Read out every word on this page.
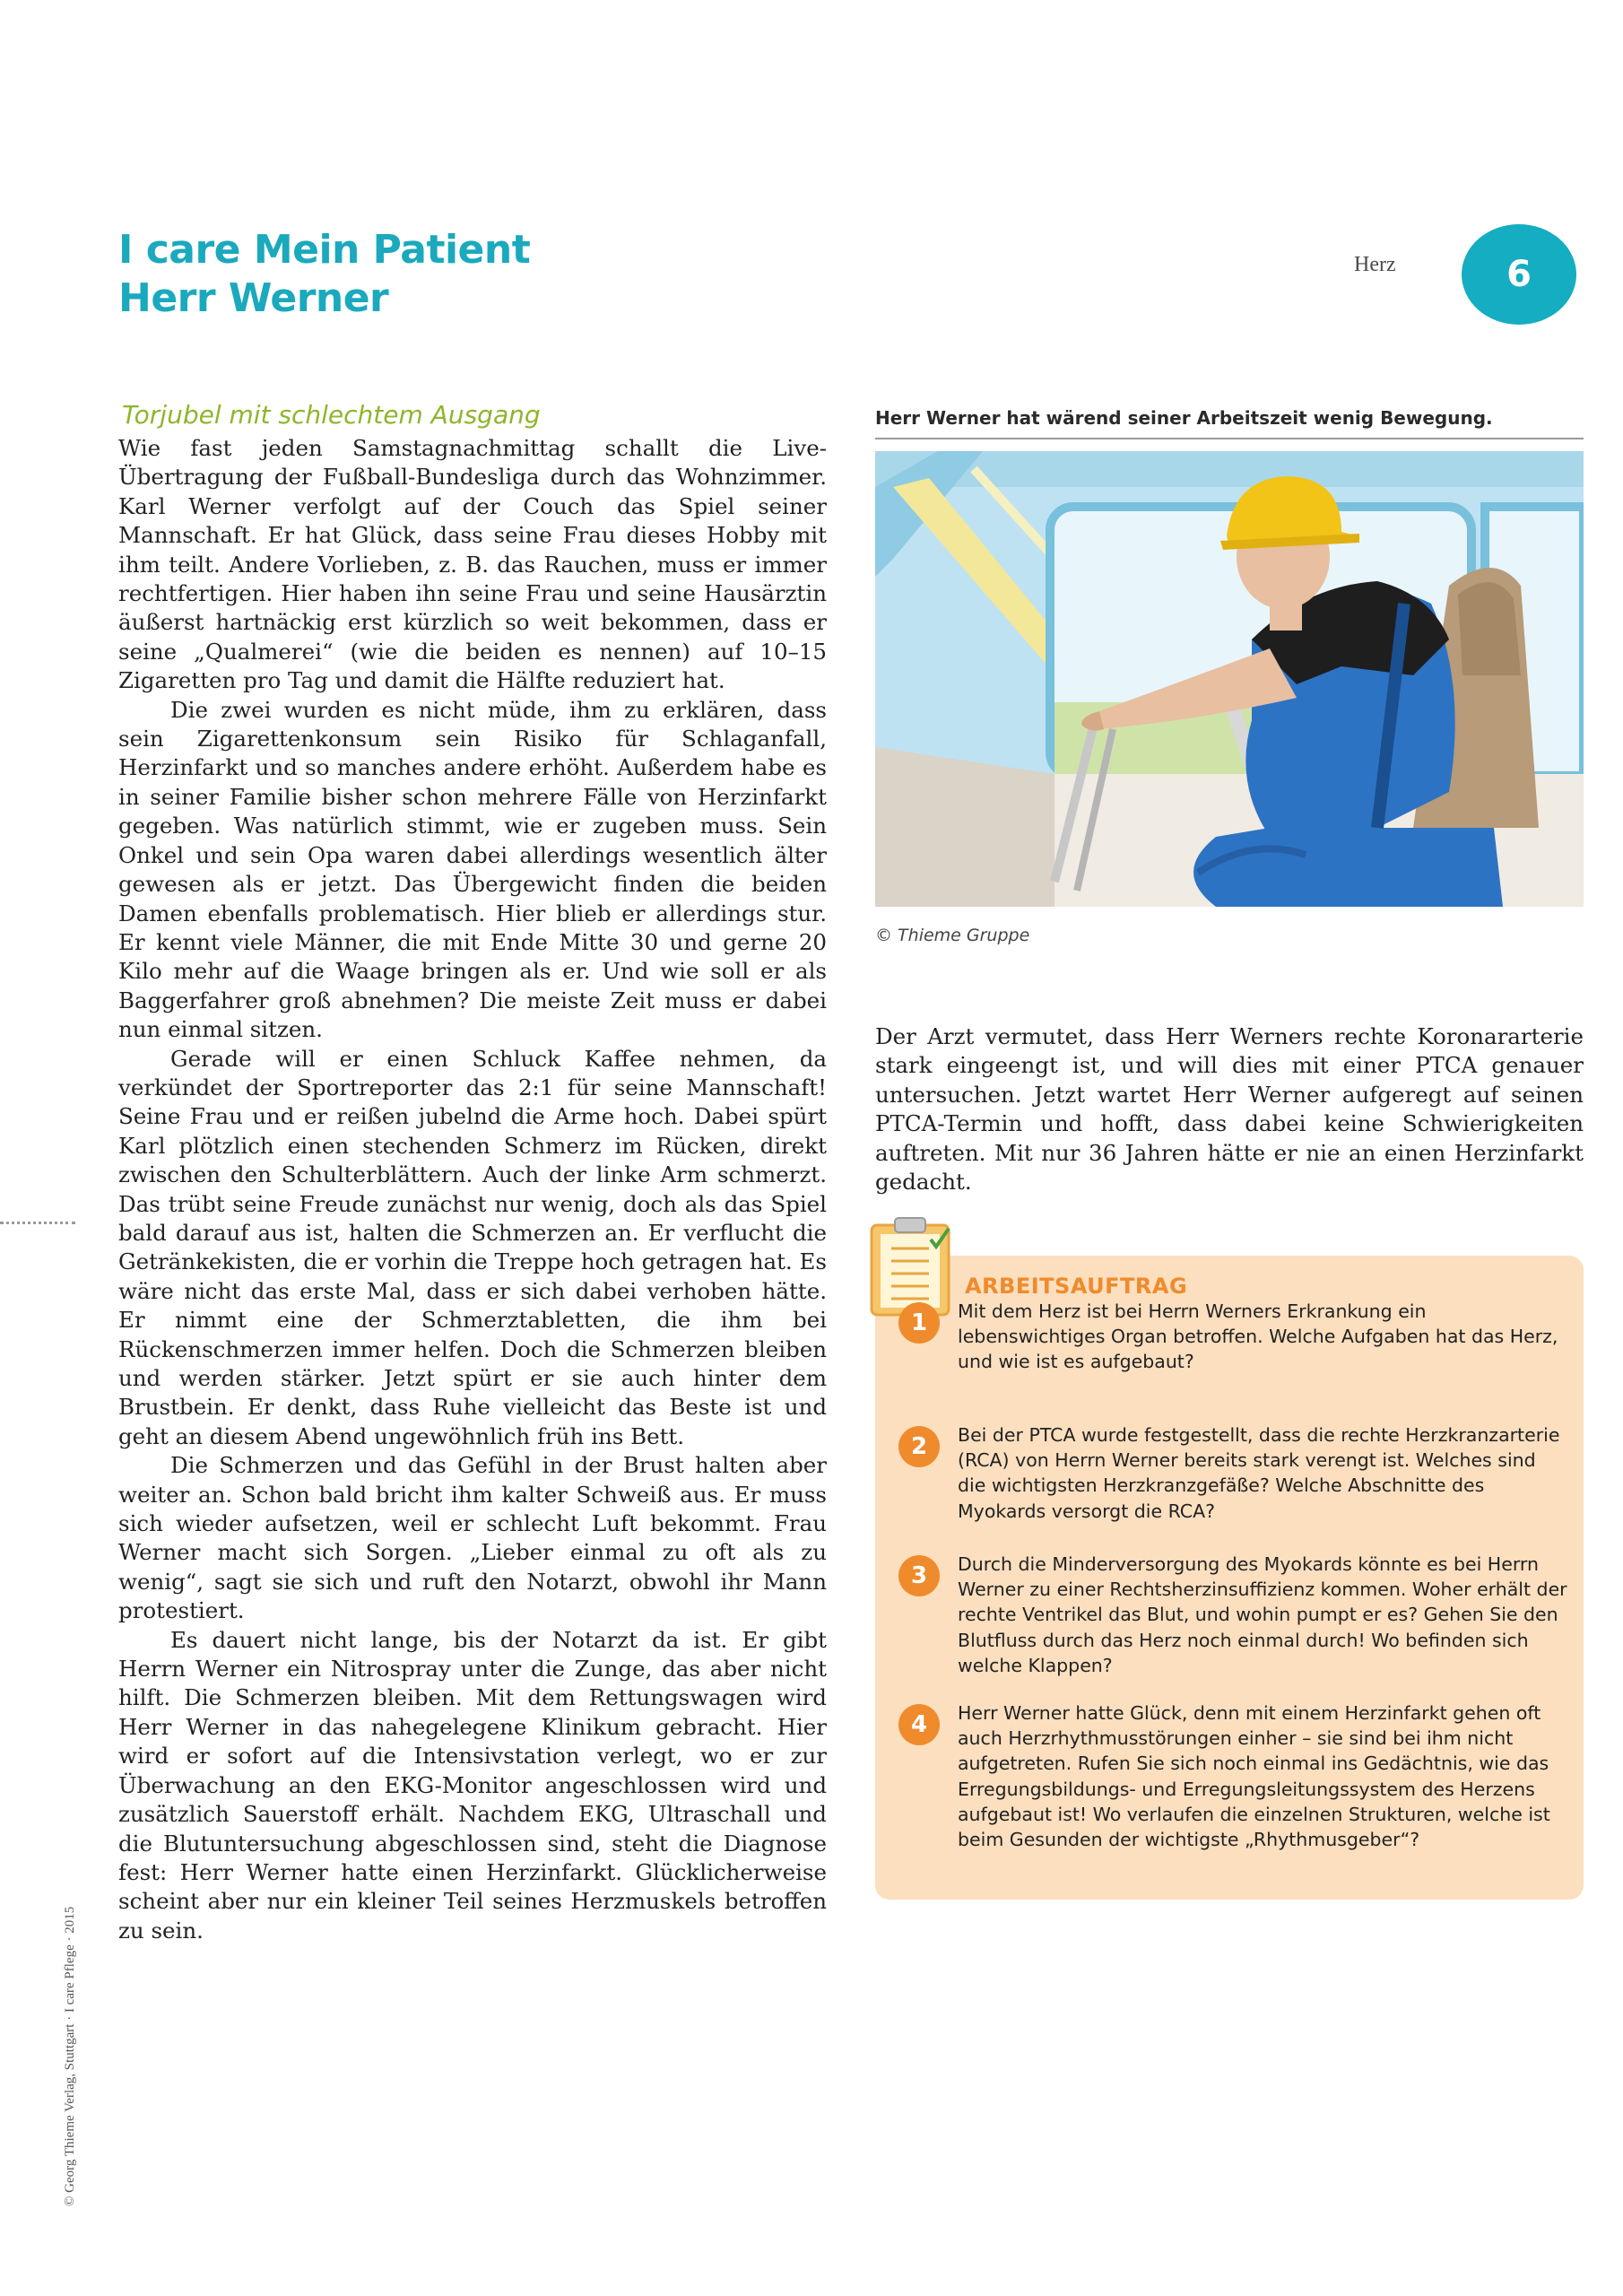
I care Mein Patient
Herr Werner
Herz	6
Torjubel mit schlechtem Ausgang

Wie fast jeden Samstagnachmittag schallt die Live-Übertragung der Fußball-Bundesliga durch das Wohnzimmer. Karl Werner verfolgt auf der Couch das Spiel seiner Mannschaft. Er hat Glück, dass seine Frau dieses Hobby mit ihm teilt. Andere Vorlieben, z. B. das Rauchen, muss er immer rechtfertigen. Hier haben ihn seine Frau und seine Hausärztin äußerst hartnäckig erst kürzlich so weit bekommen, dass er seine „Qualmerei“ (wie die beiden es nennen) auf 10–15 Zigaretten pro Tag und damit die Hälfte reduziert hat.

Die zwei wurden es nicht müde, ihm zu erklären, dass sein Zigarettenkonsum sein Risiko für Schlaganfall, Herzinfarkt und so manches andere erhöht. Außerdem habe es in seiner Familie bisher schon mehrere Fälle von Herzinfarkt gegeben. Was natürlich stimmt, wie er zugeben muss. Sein Onkel und sein Opa waren dabei allerdings wesentlich älter gewesen als er jetzt. Das Übergewicht finden die beiden Damen ebenfalls problematisch. Hier blieb er allerdings stur. Er kennt viele Männer, die mit Ende Mitte 30 und gerne 20 Kilo mehr auf die Waage bringen als er. Und wie soll er als Baggerfahrer groß abnehmen? Die meiste Zeit muss er dabei nun einmal sitzen.

Gerade will er einen Schluck Kaffee nehmen, da verkündet der Sportreporter das 2:1 für seine Mannschaft! Seine Frau und er reißen jubelnd die Arme hoch. Dabei spürt Karl plötzlich einen stechenden Schmerz im Rücken, direkt zwischen den Schulterblättern. Auch der linke Arm schmerzt. Das trübt seine Freude zunächst nur wenig, doch als das Spiel bald darauf aus ist, halten die Schmerzen an. Er verflucht die Getränkekisten, die er vorhin die Treppe hoch getragen hat. Es wäre nicht das erste Mal, dass er sich dabei verhoben hätte. Er nimmt eine der Schmerztabletten, die ihm bei Rückenschmerzen immer helfen. Doch die Schmerzen bleiben und werden stärker. Jetzt spürt er sie auch hinter dem Brustbein. Er denkt, dass Ruhe vielleicht das Beste ist und geht an diesem Abend ungewöhnlich früh ins Bett.

Die Schmerzen und das Gefühl in der Brust halten aber weiter an. Schon bald bricht ihm kalter Schweiß aus. Er muss sich wieder aufsetzen, weil er schlecht Luft bekommt. Frau Werner macht sich Sorgen. „Lieber einmal zu oft als zu wenig“, sagt sie sich und ruft den Notarzt, obwohl ihr Mann protestiert.

Es dauert nicht lange, bis der Notarzt da ist. Er gibt Herrn Werner ein Nitrospray unter die Zunge, das aber nicht hilft. Die Schmerzen bleiben. Mit dem Rettungswagen wird Herr Werner in das nahegelegene Klinikum gebracht. Hier wird er sofort auf die Intensivstation verlegt, wo er zur Überwachung an den EKG-Monitor angeschlossen wird und zusätzlich Sauerstoff erhält. Nachdem EKG, Ultraschall und die Blutuntersuchung abgeschlossen sind, steht die Diagnose fest: Herr Werner hatte einen Herzinfarkt. Glücklicherweise scheint aber nur ein kleiner Teil seines Herzmuskels betroffen zu sein.

Herr Werner hat wärend seiner Arbeitszeit wenig Bewegung.
© Thieme Gruppe
Der Arzt vermutet, dass Herr Werners rechte Koronararterie stark eingeengt ist, und will dies mit einer PTCA genauer untersuchen. Jetzt wartet Herr Werner aufgeregt auf seinen PTCA-Termin und hofft, dass dabei keine Schwierigkeiten auftreten. Mit nur 36 Jahren hätte er nie an einen Herzinfarkt gedacht.
ARBEITSAUFTRAG
1	Mit dem Herz ist bei Herrn Werners Erkrankung ein lebenswichtiges Organ betroffen. Welche Aufgaben hat das Herz, und wie ist es aufgebaut?
2	Bei der PTCA wurde festgestellt, dass die rechte Herzkranzarterie (RCA) von Herrn Werner bereits stark verengt ist. Welches sind die wichtigsten Herzkranzgefäße? Welche Abschnitte des Myokards versorgt die RCA?
3	Durch die Minderversorgung des Myokards könnte es bei Herrn Werner zu einer Rechtsherzinsuffizienz kommen. Woher erhält der rechte Ventrikel das Blut, und wohin pumpt er es? Gehen Sie den Blutfluss durch das Herz noch einmal durch! Wo befinden sich welche Klappen?
4	Herr Werner hatte Glück, denn mit einem Herzinfarkt gehen oft auch Herzrhythmusstörungen einher – sie sind bei ihm nicht aufgetreten. Rufen Sie sich noch einmal ins Gedächtnis, wie das Erregungsbildungs- und Erregungsleitungssystem des Herzens aufgebaut ist! Wo verlaufen die einzelnen Strukturen, welche ist beim Gesunden der wichtigste „Rhythmusgeber“?
© Georg Thieme Verlag, Stuttgart · I care Pflege · 2015
